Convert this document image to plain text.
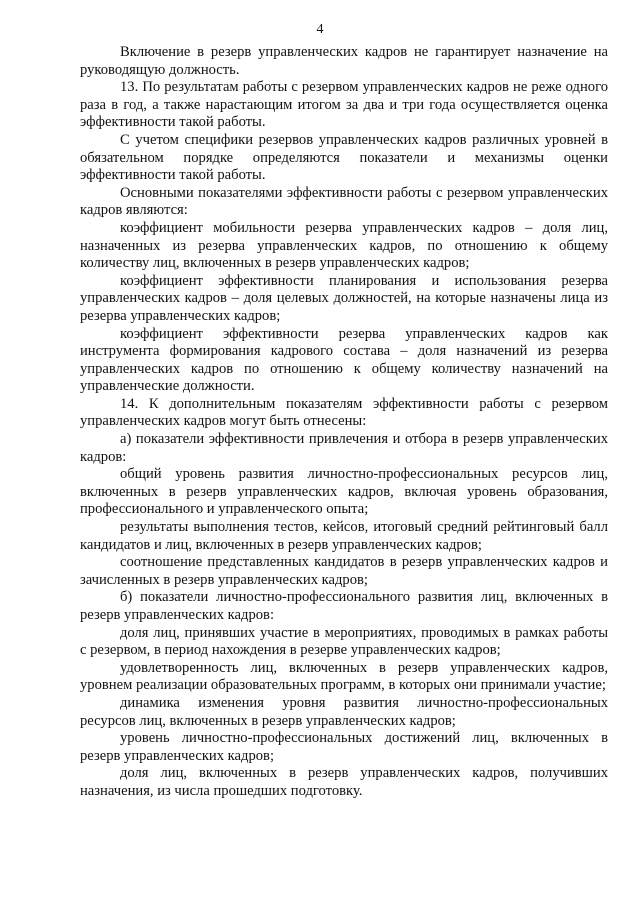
4

Включение в резерв управленческих кадров не гарантирует назначение на руководящую должность.

13. По результатам работы с резервом управленческих кадров не реже одного раза в год, а также нарастающим итогом за два и три года осуществляется оценка эффективности такой работы.

С учетом специфики резервов управленческих кадров различных уровней в обязательном порядке определяются показатели и механизмы оценки эффективности такой работы.

Основными показателями эффективности работы с резервом управленческих кадров являются:

коэффициент мобильности резерва управленческих кадров – доля лиц, назначенных из резерва управленческих кадров, по отношению к общему количеству лиц, включенных в резерв управленческих кадров;

коэффициент эффективности планирования и использования резерва управленческих кадров – доля целевых должностей, на которые назначены лица из резерва управленческих кадров;

коэффициент эффективности резерва управленческих кадров как инструмента формирования кадрового состава – доля назначений из резерва управленческих кадров по отношению к общему количеству назначений на управленческие должности.

14. К дополнительным показателям эффективности работы с резервом управленческих кадров могут быть отнесены:

а) показатели эффективности привлечения и отбора в резерв управленческих кадров:

общий уровень развития личностно-профессиональных ресурсов лиц, включенных в резерв управленческих кадров, включая уровень образования, профессионального и управленческого опыта;

результаты выполнения тестов, кейсов, итоговый средний рейтинговый балл кандидатов и лиц, включенных в резерв управленческих кадров;

соотношение представленных кандидатов в резерв управленческих кадров и зачисленных в резерв управленческих кадров;

б) показатели личностно-профессионального развития лиц, включенных в резерв управленческих кадров:

доля лиц, принявших участие в мероприятиях, проводимых в рамках работы с резервом, в период нахождения в резерве управленческих кадров;

удовлетворенность лиц, включенных в резерв управленческих кадров, уровнем реализации образовательных программ, в которых они принимали участие;

динамика изменения уровня развития личностно-профессиональных ресурсов лиц, включенных в резерв управленческих кадров;

уровень личностно-профессиональных достижений лиц, включенных в резерв управленческих кадров;

доля лиц, включенных в резерв управленческих кадров, получивших назначения, из числа прошедших подготовку.
